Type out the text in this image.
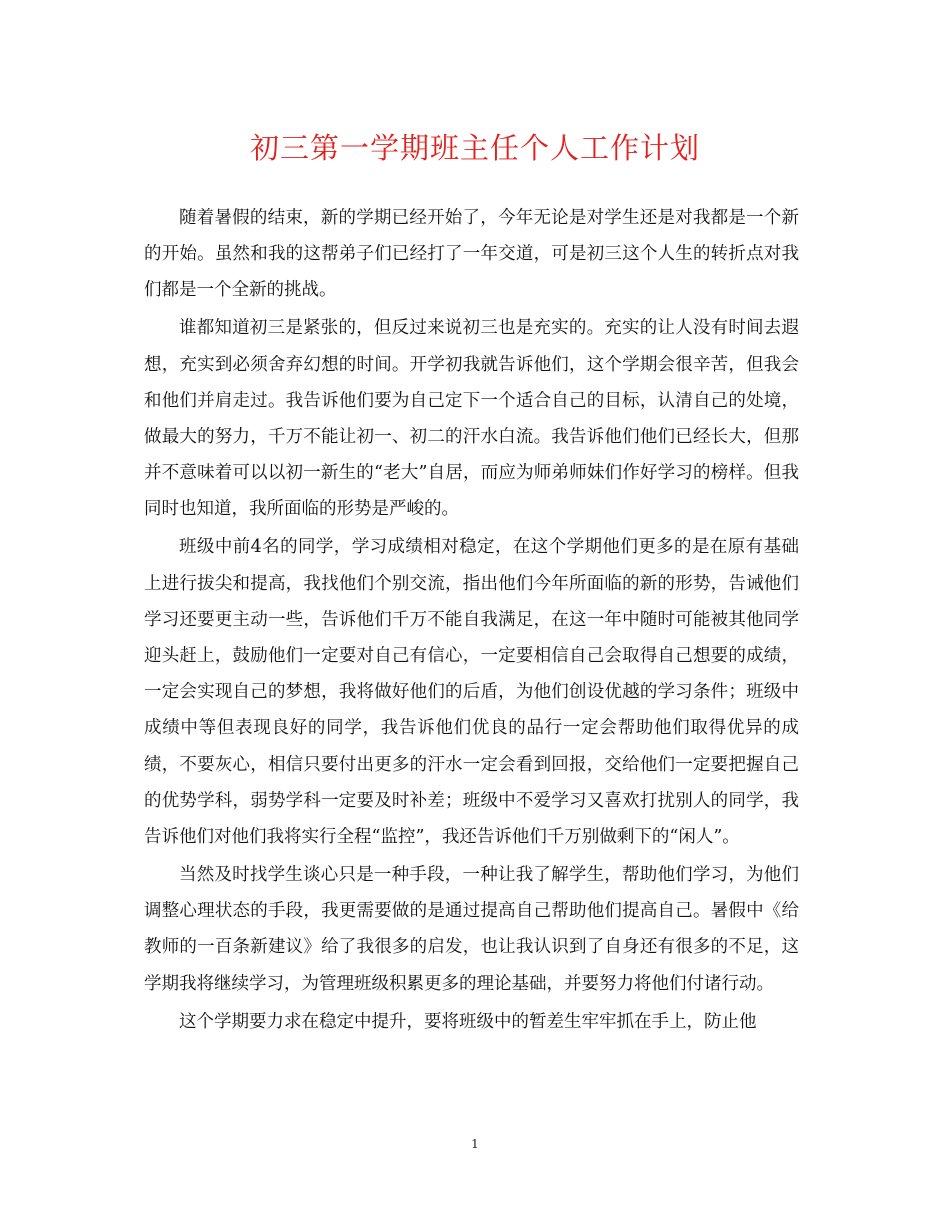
初三第一学期班主任个人工作计划

随着暑假的结束，新的学期已经开始了，今年无论是对学生还是对我都是一个新的开始。虽然和我的这帮弟子们已经打了一年交道，可是初三这个人生的转折点对我们都是一个全新的挑战。

谁都知道初三是紧张的，但反过来说初三也是充实的。充实的让人没有时间去遐想，充实到必须舍弃幻想的时间。开学初我就告诉他们，这个学期会很辛苦，但我会和他们并肩走过。我告诉他们要为自己定下一个适合自己的目标，认清自己的处境，做最大的努力，千万不能让初一、初二的汗水白流。我告诉他们他们已经长大，但那并不意味着可以以初一新生的“老大”自居，而应为师弟师妹们作好学习的榜样。但我同时也知道，我所面临的形势是严峻的。

班级中前4名的同学，学习成绩相对稳定，在这个学期他们更多的是在原有基础上进行拔尖和提高，我找他们个别交流，指出他们今年所面临的新的形势，告诫他们学习还要更主动一些，告诉他们千万不能自我满足，在这一年中随时可能被其他同学迎头赶上，鼓励他们一定要对自己有信心，一定要相信自己会取得自己想要的成绩，一定会实现自己的梦想，我将做好他们的后盾，为他们创设优越的学习条件；班级中成绩中等但表现良好的同学，我告诉他们优良的品行一定会帮助他们取得优异的成绩，不要灰心，相信只要付出更多的汗水一定会看到回报，交给他们一定要把握自己的优势学科，弱势学科一定要及时补差；班级中不爱学习又喜欢打扰别人的同学，我告诉他们对他们我将实行全程“监控”，我还告诉他们千万别做剩下的“闲人”。

当然及时找学生谈心只是一种手段，一种让我了解学生，帮助他们学习，为他们调整心理状态的手段，我更需要做的是通过提高自己帮助他们提高自己。暑假中《给教师的一百条新建议》给了我很多的启发，也让我认识到了自身还有很多的不足，这学期我将继续学习，为管理班级积累更多的理论基础，并要努力将他们付诸行动。

这个学期要力求在稳定中提升，要将班级中的暂差生牢牢抓在手上，防止他

1
